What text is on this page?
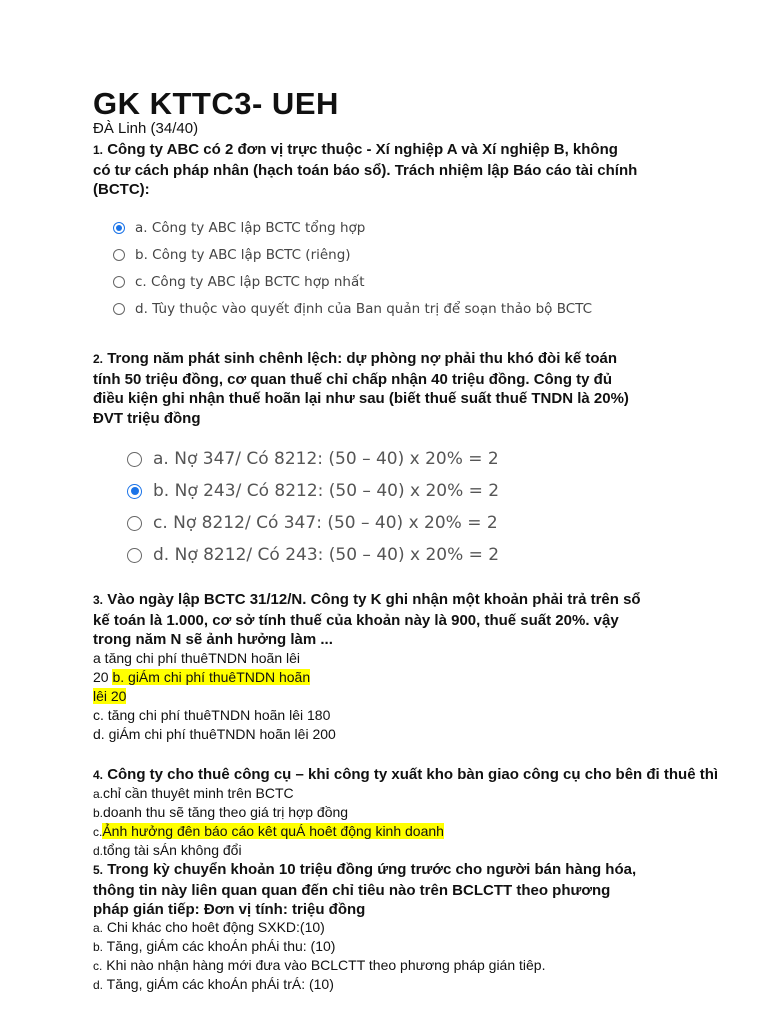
GK KTTC3- UEH
ĐÀ Linh (34/40)
1. Công ty ABC có 2 đơn vị trực thuộc - Xí nghiệp A và Xí nghiệp B, không
có tư cách pháp nhân (hạch toán báo sổ). Trách nhiệm lập Báo cáo tài chính
(BCTC):
a. Công ty ABC lập BCTC tổng hợp
b. Công ty ABC lập BCTC (riêng)
c. Công ty ABC lập BCTC hợp nhất
d. Tùy thuộc vào quyết định của Ban quản trị để soạn thảo bộ BCTC
2. Trong năm phát sinh chênh lệch: dự phòng nợ phải thu khó đòi kế toán
tính 50 triệu đồng, cơ quan thuế chỉ chấp nhận 40 triệu đồng. Công ty đủ
điều kiện ghi nhận thuế hoãn lại như sau (biết thuế suất thuế TNDN là 20%)
ĐVT triệu đồng
a. Nợ 347/ Có 8212: (50 – 40) x 20% = 2
b. Nợ 243/ Có 8212: (50 – 40) x 20% = 2
c. Nợ 8212/ Có 347: (50 – 40) x 20% = 2
d. Nợ 8212/ Có 243: (50 – 40) x 20% = 2
3. Vào ngày lập BCTC 31/12/N. Công ty K ghi nhận một khoản phải trả trên sổ
kế toán là 1.000, cơ sở tính thuế của khoản này là 900, thuế suất 20%. vậy
trong năm N sẽ ảnh hưởng làm ...
a tăng chi phí thuêTNDN hoãn lêi
20 b. giÁm chi phí thuêTNDN hoãn
lêi 20
c. tăng chi phí thuêTNDN hoãn lêi 180
d. giÁm chi phí thuêTNDN hoãn lêi 200
4. Công ty cho thuê công cụ – khi công ty xuất kho bàn giao công cụ cho bên đi thuê thì
a.chỉ cần thuyêt minh trên BCTC
b.doanh thu sẽ tăng theo giá trị hợp đồng
c.Ảnh hưởng đên báo cáo kêt quÁ hoêt động kinh doanh
d.tổng tài sÁn không đổi
5. Trong kỳ chuyển khoản 10 triệu đồng ứng trước cho người bán hàng hóa,
thông tin này liên quan quan đến chỉ tiêu nào trên BCLCTT theo phương
pháp gián tiếp: Đơn vị tính: triệu đồng
a. Chi khác cho hoêt động SXKD:(10)
b. Tăng, giÁm các khoÁn phÁi thu: (10)
c. Khi nào nhận hàng mới đưa vào BCLCTT theo phương pháp gián tiêp.
d. Tăng, giÁm các khoÁn phÁi trÁ: (10)
